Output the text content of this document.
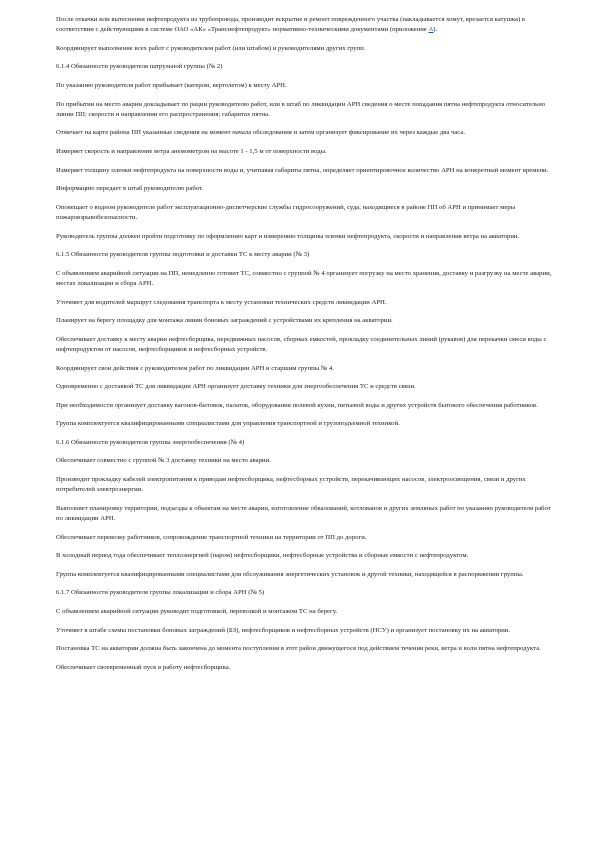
После откачки или вытеснения нефтепродукта из трубопровода, производит вскрытие и ремонт поврежденного участка (накладывается хомут, врезается катушка) в соответствии с действующими в системе ОАО «АК» «Транснефтепродукт» нормативно-техническими документами (приложение А).

Координирует выполнение всех работ с руководителем работ (или штабом) и руководителями других групп.

6.1.4 Обязанности руководителя патрульной группы (№ 2)

По указанию руководителя работ прибывает (катером, вертолетом) к месту АРН.

По прибытии на место аварии докладывает по рации руководителю работ, или в штаб по ликвидации АРН сведения о месте попадания пятна нефтепродукта относительно линии ПП; скорости и направлении его распространения; габаритах пятна.

Отмечает на карте района ПП указанные сведения на момент начала обследования и затем организует фиксирование их через каждые два часа.

Измеряет скорость и направление ветра анемометром на высоте 1 - 1,5 м от поверхности воды.

Измеряет толщину пленки нефтепродукта на поверхности воды и, учитывая габариты пятна, определяет ориентировочное количество АРН на конкретный момент времени.

Информацию передает в штаб руководителю работ.

Оповещает о водном руководителе работ эксплуатационно-диспетчерские службы гидросооружений, суда, находящиеся в районе ПП об АРН и принимает меры пожаровзрывобезопасности.

Руководитель группы должен пройти подготовку по оформлению карт и измерению толщины пленки нефтепродукта, скорости и направления ветра на акватории.

6.1.5 Обязанности руководителя группы подготовки и доставки ТС к месту аварии (№ 3)

С объявлением аварийной ситуации на ПП, немедленно готовит ТС, совместно с группой № 4 организует погрузку на место хранения, доставку и разгрузку на месте аварии, местах локализации и сбора АРН.

Уточняет для водителей маршрут следования транспорта к месту установки технических средств ликвидации АРН.

Планирует на берегу площадку для монтажа линии боновых заграждений с устройствами их крепления на акватории.

Обеспечивает доставку к месту аварии нефтесборщика, передвижных насосов, сборных емкостей, прокладку соединительных линий (рукавов) для перекачки смеси воды с нефтепродуктом от насосов, нефтесборщиков и нефтесборных устройств.

Координирует свои действия с руководителем работ по ликвидации АРН и старшим группы № 4.

Одновременно с доставкой ТС для ликвидации АРН организует доставку техники для энергообеспечения ТС и средств связи.

При необходимости организует доставку вагонов-бытовок, палаток, оборудования полевой кухни, питьевой воды и других устройств бытового обеспечения работников.

Группа комплектуется квалифицированными специалистами для управления транспортной и грузоподъемной техникой.

6.1.6 Обязанности руководителя группы энергообеспечения (№ 4)

Обеспечивает совместно с группой № 3 доставку техники на место аварии.

Производит прокладку кабелей электропитания к приводам нефтесборщика, нефтесборных устройств, перекачивающих насосов, электроосвещения, связи и других потребителей электроэнергии.

Выполняет планировку территории, подъезды к объектам на месте аварии, изготовление обвалований, котлованов и других земляных работ по указанию руководителя работ по ликвидации АРН.

Обеспечивает перевозку работников, сопровождение транспортной техники на территории от ПП до дороги.

В холодный период года обеспечивает теплоэнергией (паром) нефтесборщики, нефтесборные устройства и сборные емкости с нефтепродуктом.

Группа комплектуется квалифицированными специалистами для обслуживания энергетических установок и другой техники, находящейся в распоряжении группы.

6.1.7 Обязанности руководителя группы локализации и сбора АРН (№ 5)

С объявлением аварийной ситуации руководит подготовкой, перевозкой и монтажом ТС на берегу.

Уточняет в штабе схемы постановки боновых заграждений (БЗ), нефтесборщиков и нефтесборных устройств (НСУ) и организует постановку их на акватории.

Постановка ТС на акватории должна быть закончена до момента поступления в этот район движущегося под действием течения реки, ветра и волн пятна нефтепродукта.

Обеспечивает своевременный пуск в работу нефтесборщика.
